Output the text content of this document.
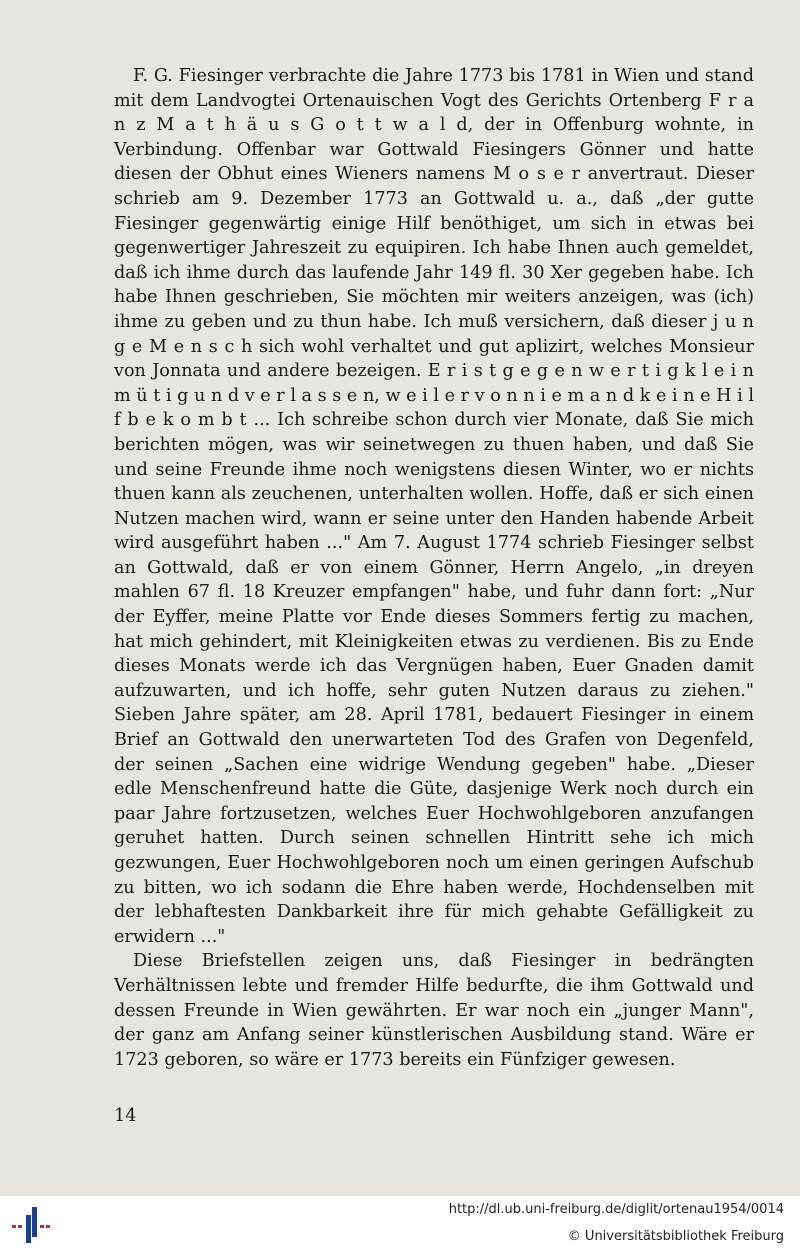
F. G. Fiesinger verbrachte die Jahre 1773 bis 1781 in Wien und stand mit dem Landvogtei Ortenauischen Vogt des Gerichts Ortenberg F r a n z M a t h ä u s G o t t w a l d, der in Offenburg wohnte, in Verbindung. Offenbar war Gottwald Fiesingers Gönner und hatte diesen der Obhut eines Wieners namens M o s e r anvertraut. Dieser schrieb am 9. Dezember 1773 an Gottwald u. a., daß „der gutte Fiesinger gegenwärtig einige Hilf benöthiget, um sich in etwas bei gegenwertiger Jahreszeit zu equipiren. Ich habe Ihnen auch gemeldet, daß ich ihme durch das laufende Jahr 149 fl. 30 Xer gegeben habe. Ich habe Ihnen geschrieben, Sie möchten mir weiters anzeigen, was (ich) ihme zu geben und zu thun habe. Ich muß versichern, daß dieser j u n g e M e n s c h sich wohl verhaltet und gut aplizirt, welches Monsieur von Jonnata und andere bezeigen. E r i s t g e g e n w e r t i g k l e i n m ü t i g u n d v e r l a s s e n, w e i l e r v o n n i e m a n d k e i n e H i l f b e k o m b t ... Ich schreibe schon durch vier Monate, daß Sie mich berichten mögen, was wir seinetwegen zu thuen haben, und daß Sie und seine Freunde ihme noch wenigstens diesen Winter, wo er nichts thuen kann als zeuchenen, unterhalten wollen. Hoffe, daß er sich einen Nutzen machen wird, wann er seine unter den Handen habende Arbeit wird ausgeführt haben ..." Am 7. August 1774 schrieb Fiesinger selbst an Gottwald, daß er von einem Gönner, Herrn Angelo, „in dreyen mahlen 67 fl. 18 Kreuzer empfangen" habe, und fuhr dann fort: „Nur der Eyffer, meine Platte vor Ende dieses Sommers fertig zu machen, hat mich gehindert, mit Kleinigkeiten etwas zu verdienen. Bis zu Ende dieses Monats werde ich das Vergnügen haben, Euer Gnaden damit aufzuwarten, und ich hoffe, sehr guten Nutzen daraus zu ziehen." Sieben Jahre später, am 28. April 1781, bedauert Fiesinger in einem Brief an Gottwald den unerwarteten Tod des Grafen von Degenfeld, der seinen „Sachen eine widrige Wendung gegeben" habe. „Dieser edle Menschenfreund hatte die Güte, dasjenige Werk noch durch ein paar Jahre fortzusetzen, welches Euer Hochwohlgeboren anzufangen geruhet hatten. Durch seinen schnellen Hintritt sehe ich mich gezwungen, Euer Hochwohlgeboren noch um einen geringen Aufschub zu bitten, wo ich sodann die Ehre haben werde, Hochdenselben mit der lebhaftesten Dankbarkeit ihre für mich gehabte Gefälligkeit zu erwidern ..."

Diese Briefstellen zeigen uns, daß Fiesinger in bedrängten Verhältnissen lebte und fremder Hilfe bedurfte, die ihm Gottwald und dessen Freunde in Wien gewährten. Er war noch ein „junger Mann", der ganz am Anfang seiner künstlerischen Ausbildung stand. Wäre er 1723 geboren, so wäre er 1773 bereits ein Fünfziger gewesen.

14
http://dl.ub.uni-freiburg.de/diglit/ortenau1954/0014
© Universitätsbibliothek Freiburg
